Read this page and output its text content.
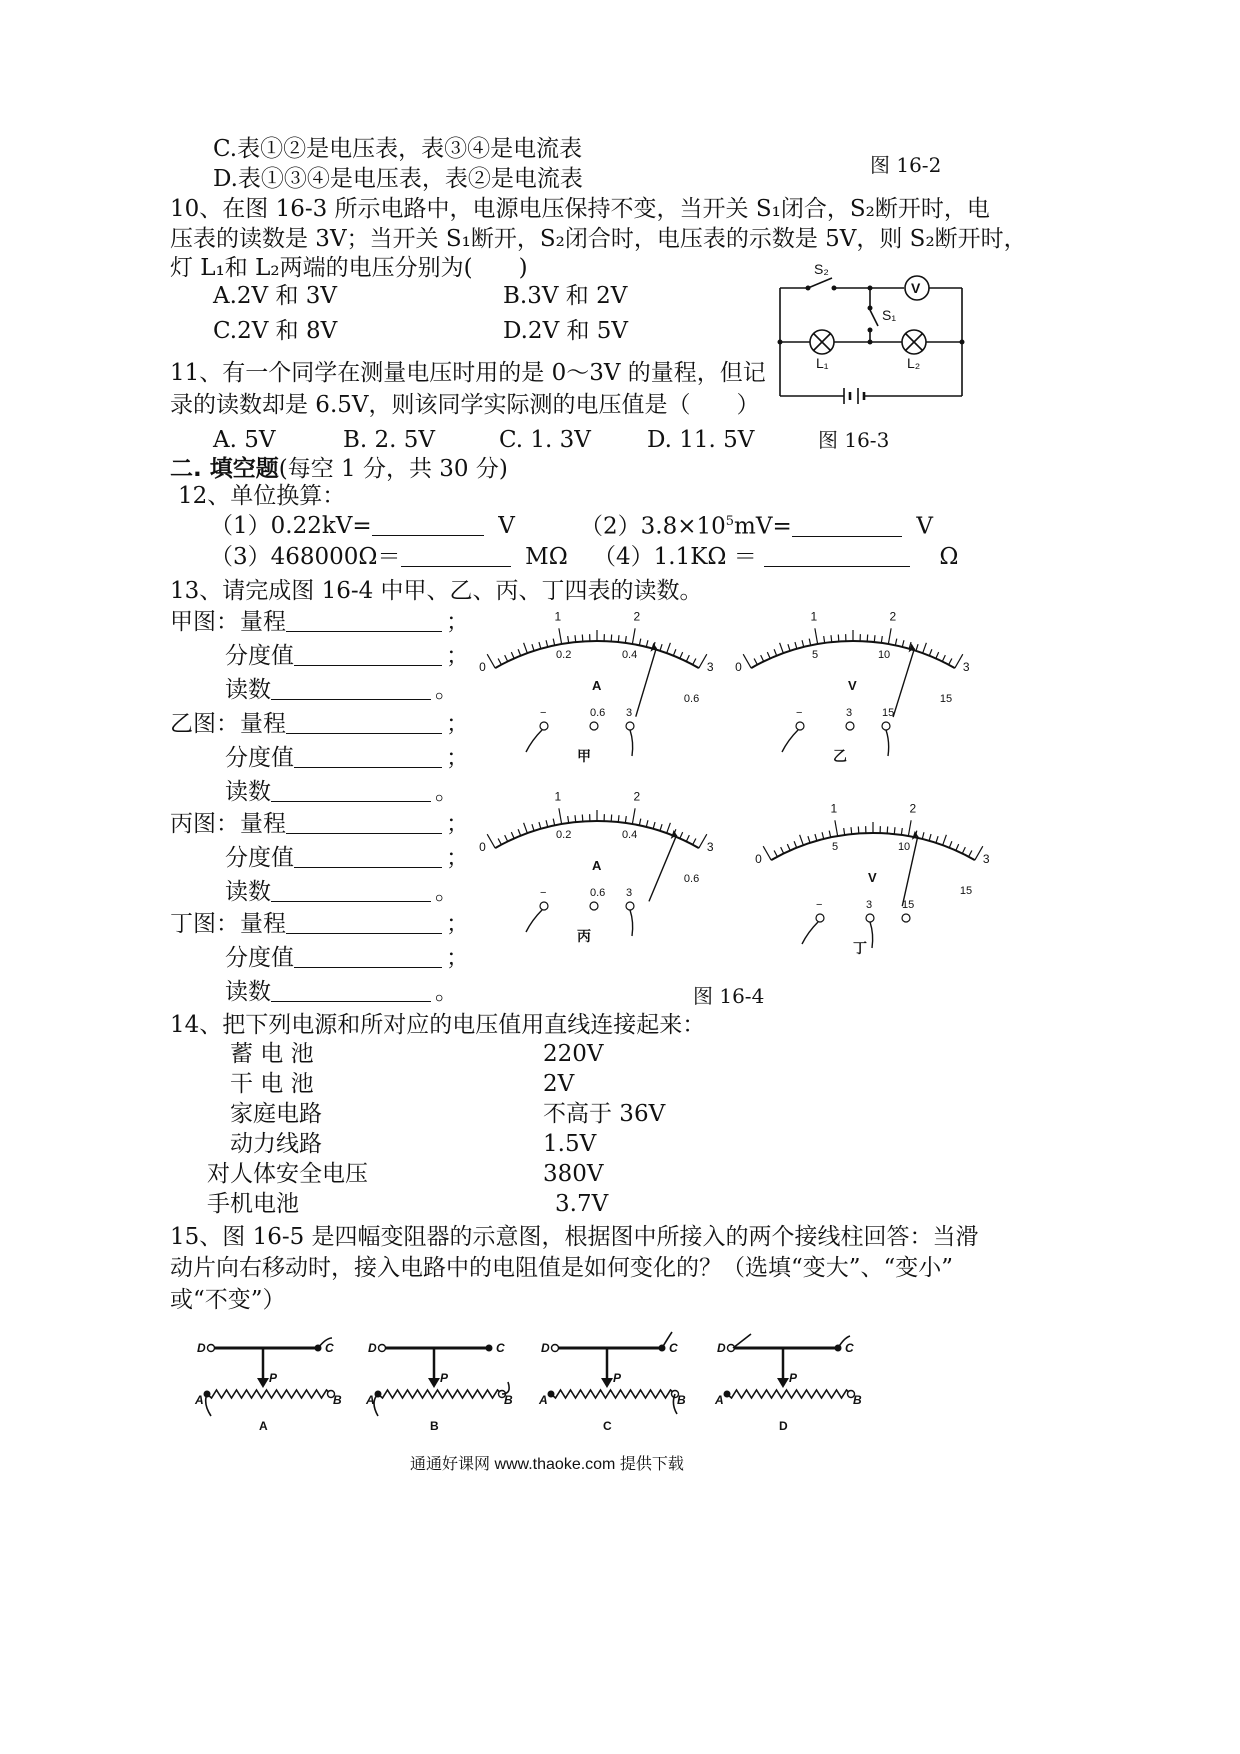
C.表①②是电压表，表③④是电流表
D.表①③④是电压表，表②是电流表
图 16-2
10、在图 16-3 所示电路中，电源电压保持不变，当开关 S₁闭合，S₂断开时，电
压表的读数是 3V；当开关 S₁断开，S₂闭合时，电压表的示数是 5V，则 S₂断开时，
灯 L₁和 L₂两端的电压分别为(　　)
A.2V 和 3V	B.3V 和 2V
C.2V 和 8V	D.2V 和 5V
S₂
V
S₁
L₁	L₂
11、有一个同学在测量电压时用的是 0～3V 的量程，但记
录的读数却是 6.5V，则该同学实际测的电压值是（　　）
A. 5V	B. 2. 5V	C. 1. 3V D. 11. 5V	图 16-3
二. 填空题(每空 1 分，共 30 分)
12、单位换算：
（1）0.22kV=	V	$(2)3.8\times 10^5mV=$	V
（3）468000Ω＝	MΩ （4）1.1KΩ ＝	Ω
13、请完成图 16-4 中甲、乙、丙、丁四表的读数。
甲图： 量程	；
分度值	；
读数	。
乙图： 量程	；
分度值	；
读数	。
丙图： 量程	；
分度值	；
读数	。
丁图： 量程	；
分度值	；
读数	。
0
1	2
3
0.2	0.4
0.6
A
−	0.6 3
甲
0
1	2
3
5	10
15
V
−	3	15
乙
0
1	2
3
0.2	0.4
0.6
A
−	0.6 3
丙
0
1	2
3
5	10
15
V
−	3	15
丁
图 16-4
14、把下列电源和所对应的电压值用直线连接起来：
蓄 电 池	220V
干 电 池	2V
家庭电路	不高于 36V
动力线路	1.5V
对人体安全电压	380V
手机电池	3.7V
15、图 16-5 是四幅变阻器的示意图，根据图中所接入的两个接线柱回答：当滑
动片向右移动时，接入电路中的电阻值是如何变化的？（选填“变大”、“变小”
或“不变”）
D	C
P
A	B
A
D	C
P
A	B
B
D	C
P
A	B
C
D	C
P
A	B
D
通通好课网 www.thaoke.com 提供下载
